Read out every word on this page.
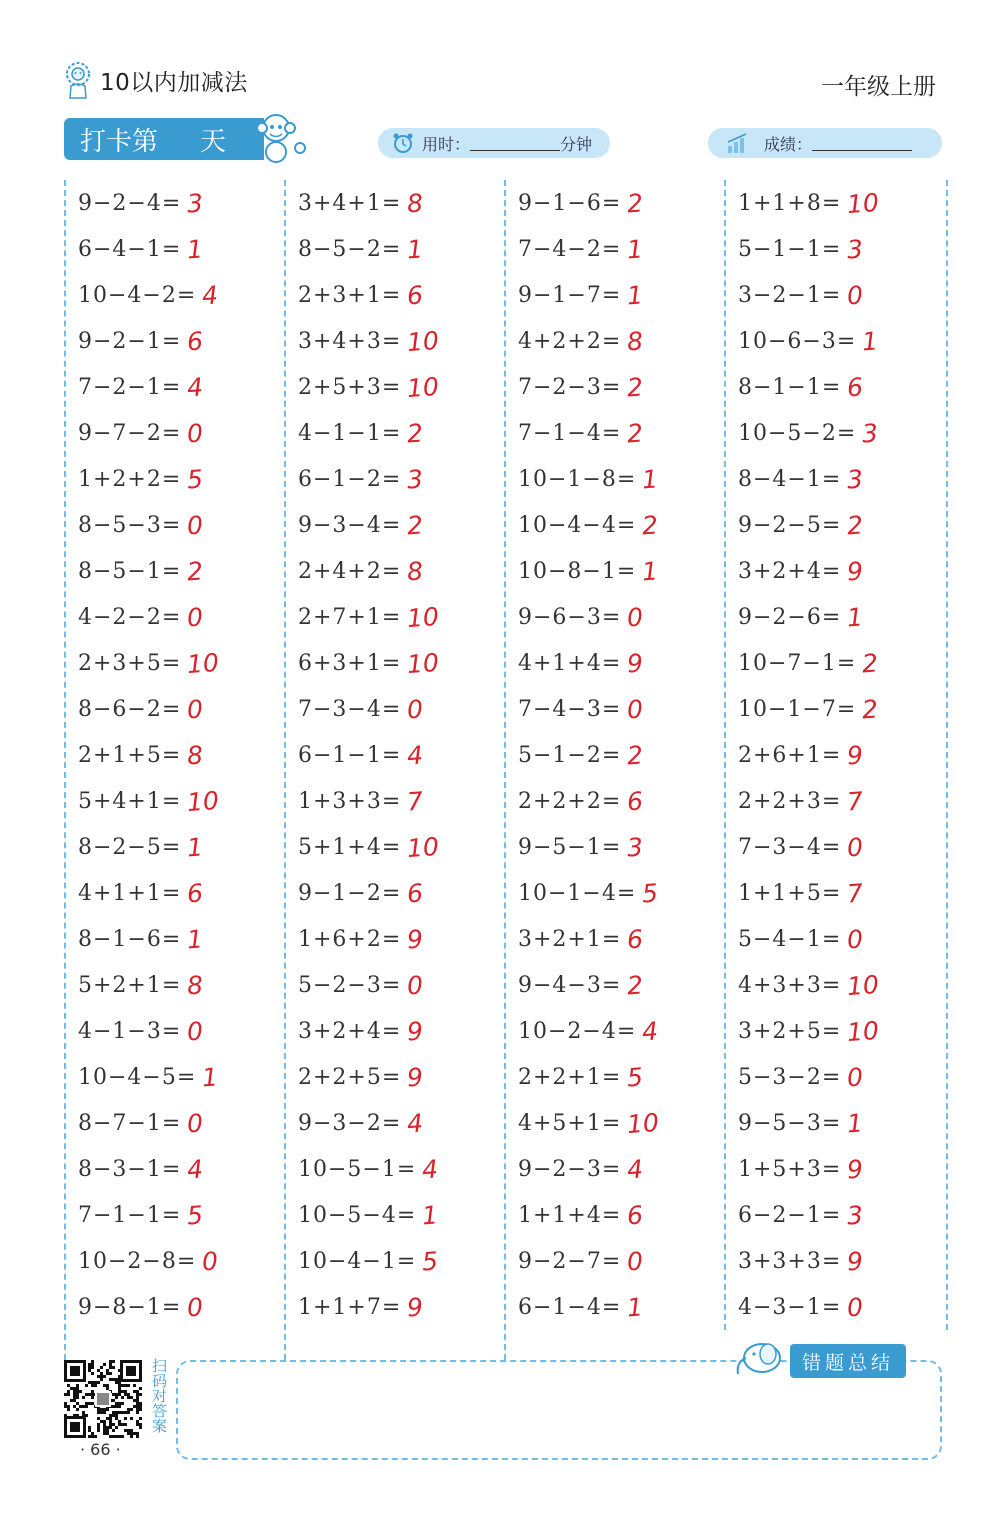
10以内加减法	一年级上册
打卡第 天	用时：	分钟	成绩：
9−2−4= 3
6−4−1= 1
10−4−2= 4
9−2−1= 6
7−2−1= 4
9−7−2= 0
1+2+2= 5
8−5−3= 0
8−5−1= 2
4−2−2= 0
2+3+5= 10
8−6−2= 0
2+1+5= 8
5+4+1= 10
8−2−5= 1
4+1+1= 6
8−1−6= 1
5+2+1= 8
4−1−3= 0
10−4−5= 1
8−7−1= 0
8−3−1= 4
7−1−1= 5
10−2−8= 0
9−8−1= 0
3+4+1= 8
8−5−2= 1
2+3+1= 6
3+4+3= 10
2+5+3= 10
4−1−1= 2
6−1−2= 3
9−3−4= 2
2+4+2= 8
2+7+1= 10
6+3+1= 10
7−3−4= 0
6−1−1= 4
1+3+3= 7
5+1+4= 10
9−1−2= 6
1+6+2= 9
5−2−3= 0
3+2+4= 9
2+2+5= 9
9−3−2= 4
10−5−1= 4
10−5−4= 1
10−4−1= 5
1+1+7= 9
9−1−6= 2
7−4−2= 1
9−1−7= 1
4+2+2= 8
7−2−3= 2
7−1−4= 2
10−1−8= 1
10−4−4= 2
10−8−1= 1
9−6−3= 0
4+1+4= 9
7−4−3= 0
5−1−2= 2
2+2+2= 6
9−5−1= 3
10−1−4= 5
3+2+1= 6
9−4−3= 2
10−2−4= 4
2+2+1= 5
4+5+1= 10
9−2−3= 4
1+1+4= 6
9−2−7= 0
6−1−4= 1
1+1+8= 10
5−1−1= 3
3−2−1= 0
10−6−3= 1
8−1−1= 6
10−5−2= 3
8−4−1= 3
9−2−5= 2
3+2+4= 9
9−2−6= 1
10−7−1= 2
10−1−7= 2
2+6+1= 9
2+2+3= 7
7−3−4= 0
1+1+5= 7
5−4−1= 0
4+3+3= 10
3+2+5= 10
5−3−2= 0
9−5−3= 1
1+5+3= 9
6−2−1= 3
3+3+3= 9
4−3−1= 0
错题总结
扫码对答案
· 66 ·
